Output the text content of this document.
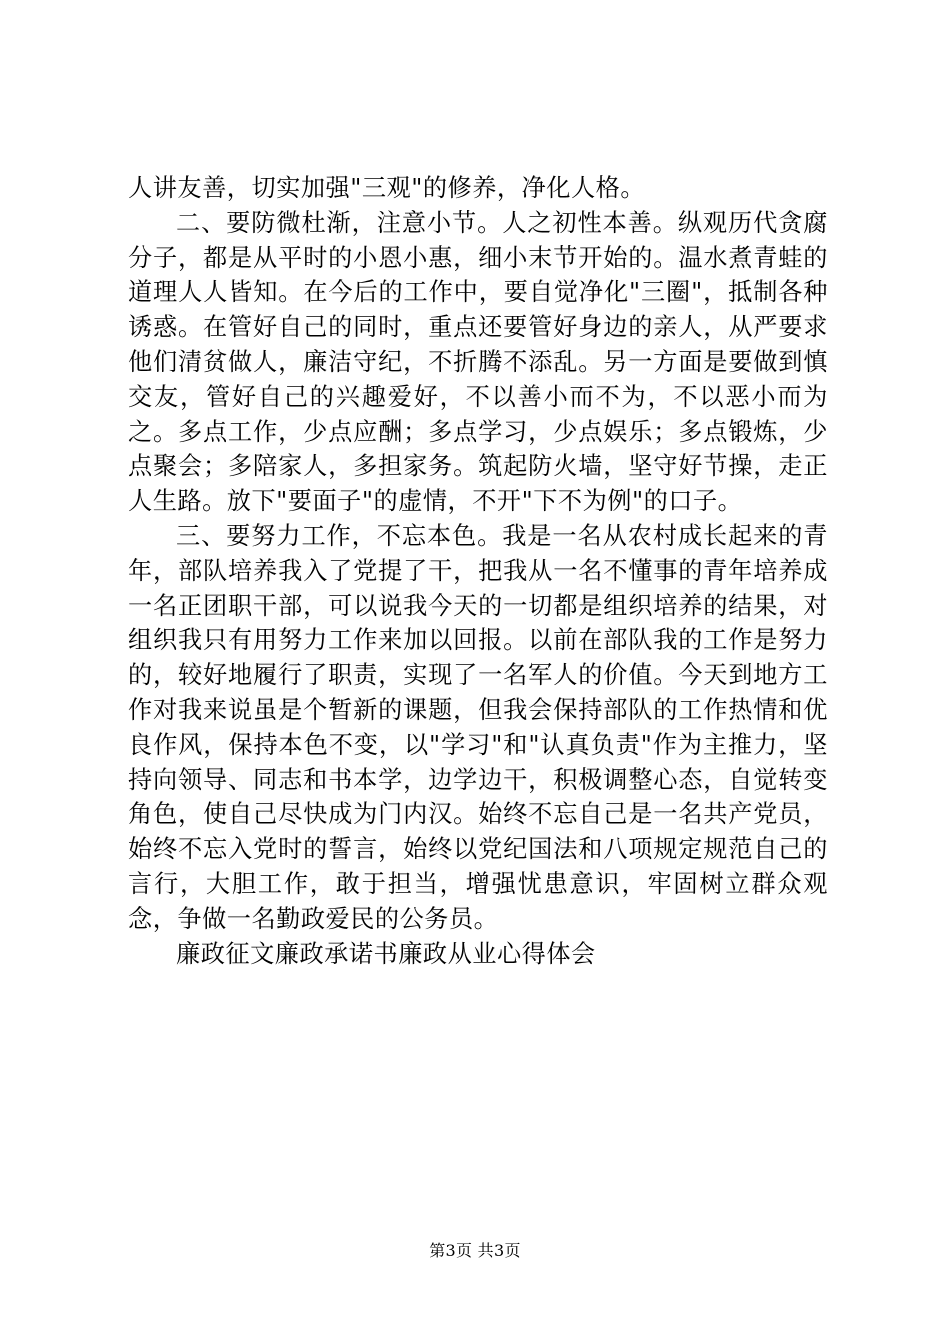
人讲友善，切实加强"三观"的修养，净化人格。

二、要防微杜渐，注意小节。人之初性本善。纵观历代贪腐分子，都是从平时的小恩小惠，细小末节开始的。温水煮青蛙的道理人人皆知。在今后的工作中，要自觉净化"三圈"，抵制各种诱惑。在管好自己的同时，重点还要管好身边的亲人，从严要求他们清贫做人，廉洁守纪，不折腾不添乱。另一方面是要做到慎交友，管好自己的兴趣爱好，不以善小而不为，不以恶小而为之。多点工作，少点应酬；多点学习，少点娱乐；多点锻炼，少点聚会；多陪家人，多担家务。筑起防火墙，坚守好节操，走正人生路。放下"要面子"的虚情，不开"下不为例"的口子。

三、要努力工作，不忘本色。我是一名从农村成长起来的青年，部队培养我入了党提了干，把我从一名不懂事的青年培养成一名正团职干部，可以说我今天的一切都是组织培养的结果，对组织我只有用努力工作来加以回报。以前在部队我的工作是努力的，较好地履行了职责，实现了一名军人的价值。今天到地方工作对我来说虽是个暂新的课题，但我会保持部队的工作热情和优良作风，保持本色不变，以"学习"和"认真负责"作为主推力，坚持向领导、同志和书本学，边学边干，积极调整心态，自觉转变角色，使自己尽快成为门内汉。始终不忘自己是一名共产党员，始终不忘入党时的誓言，始终以党纪国法和八项规定规范自己的言行，大胆工作，敢于担当，增强忧患意识，牢固树立群众观念，争做一名勤政爱民的公务员。

廉政征文廉政承诺书廉政从业心得体会

第3页 共3页
